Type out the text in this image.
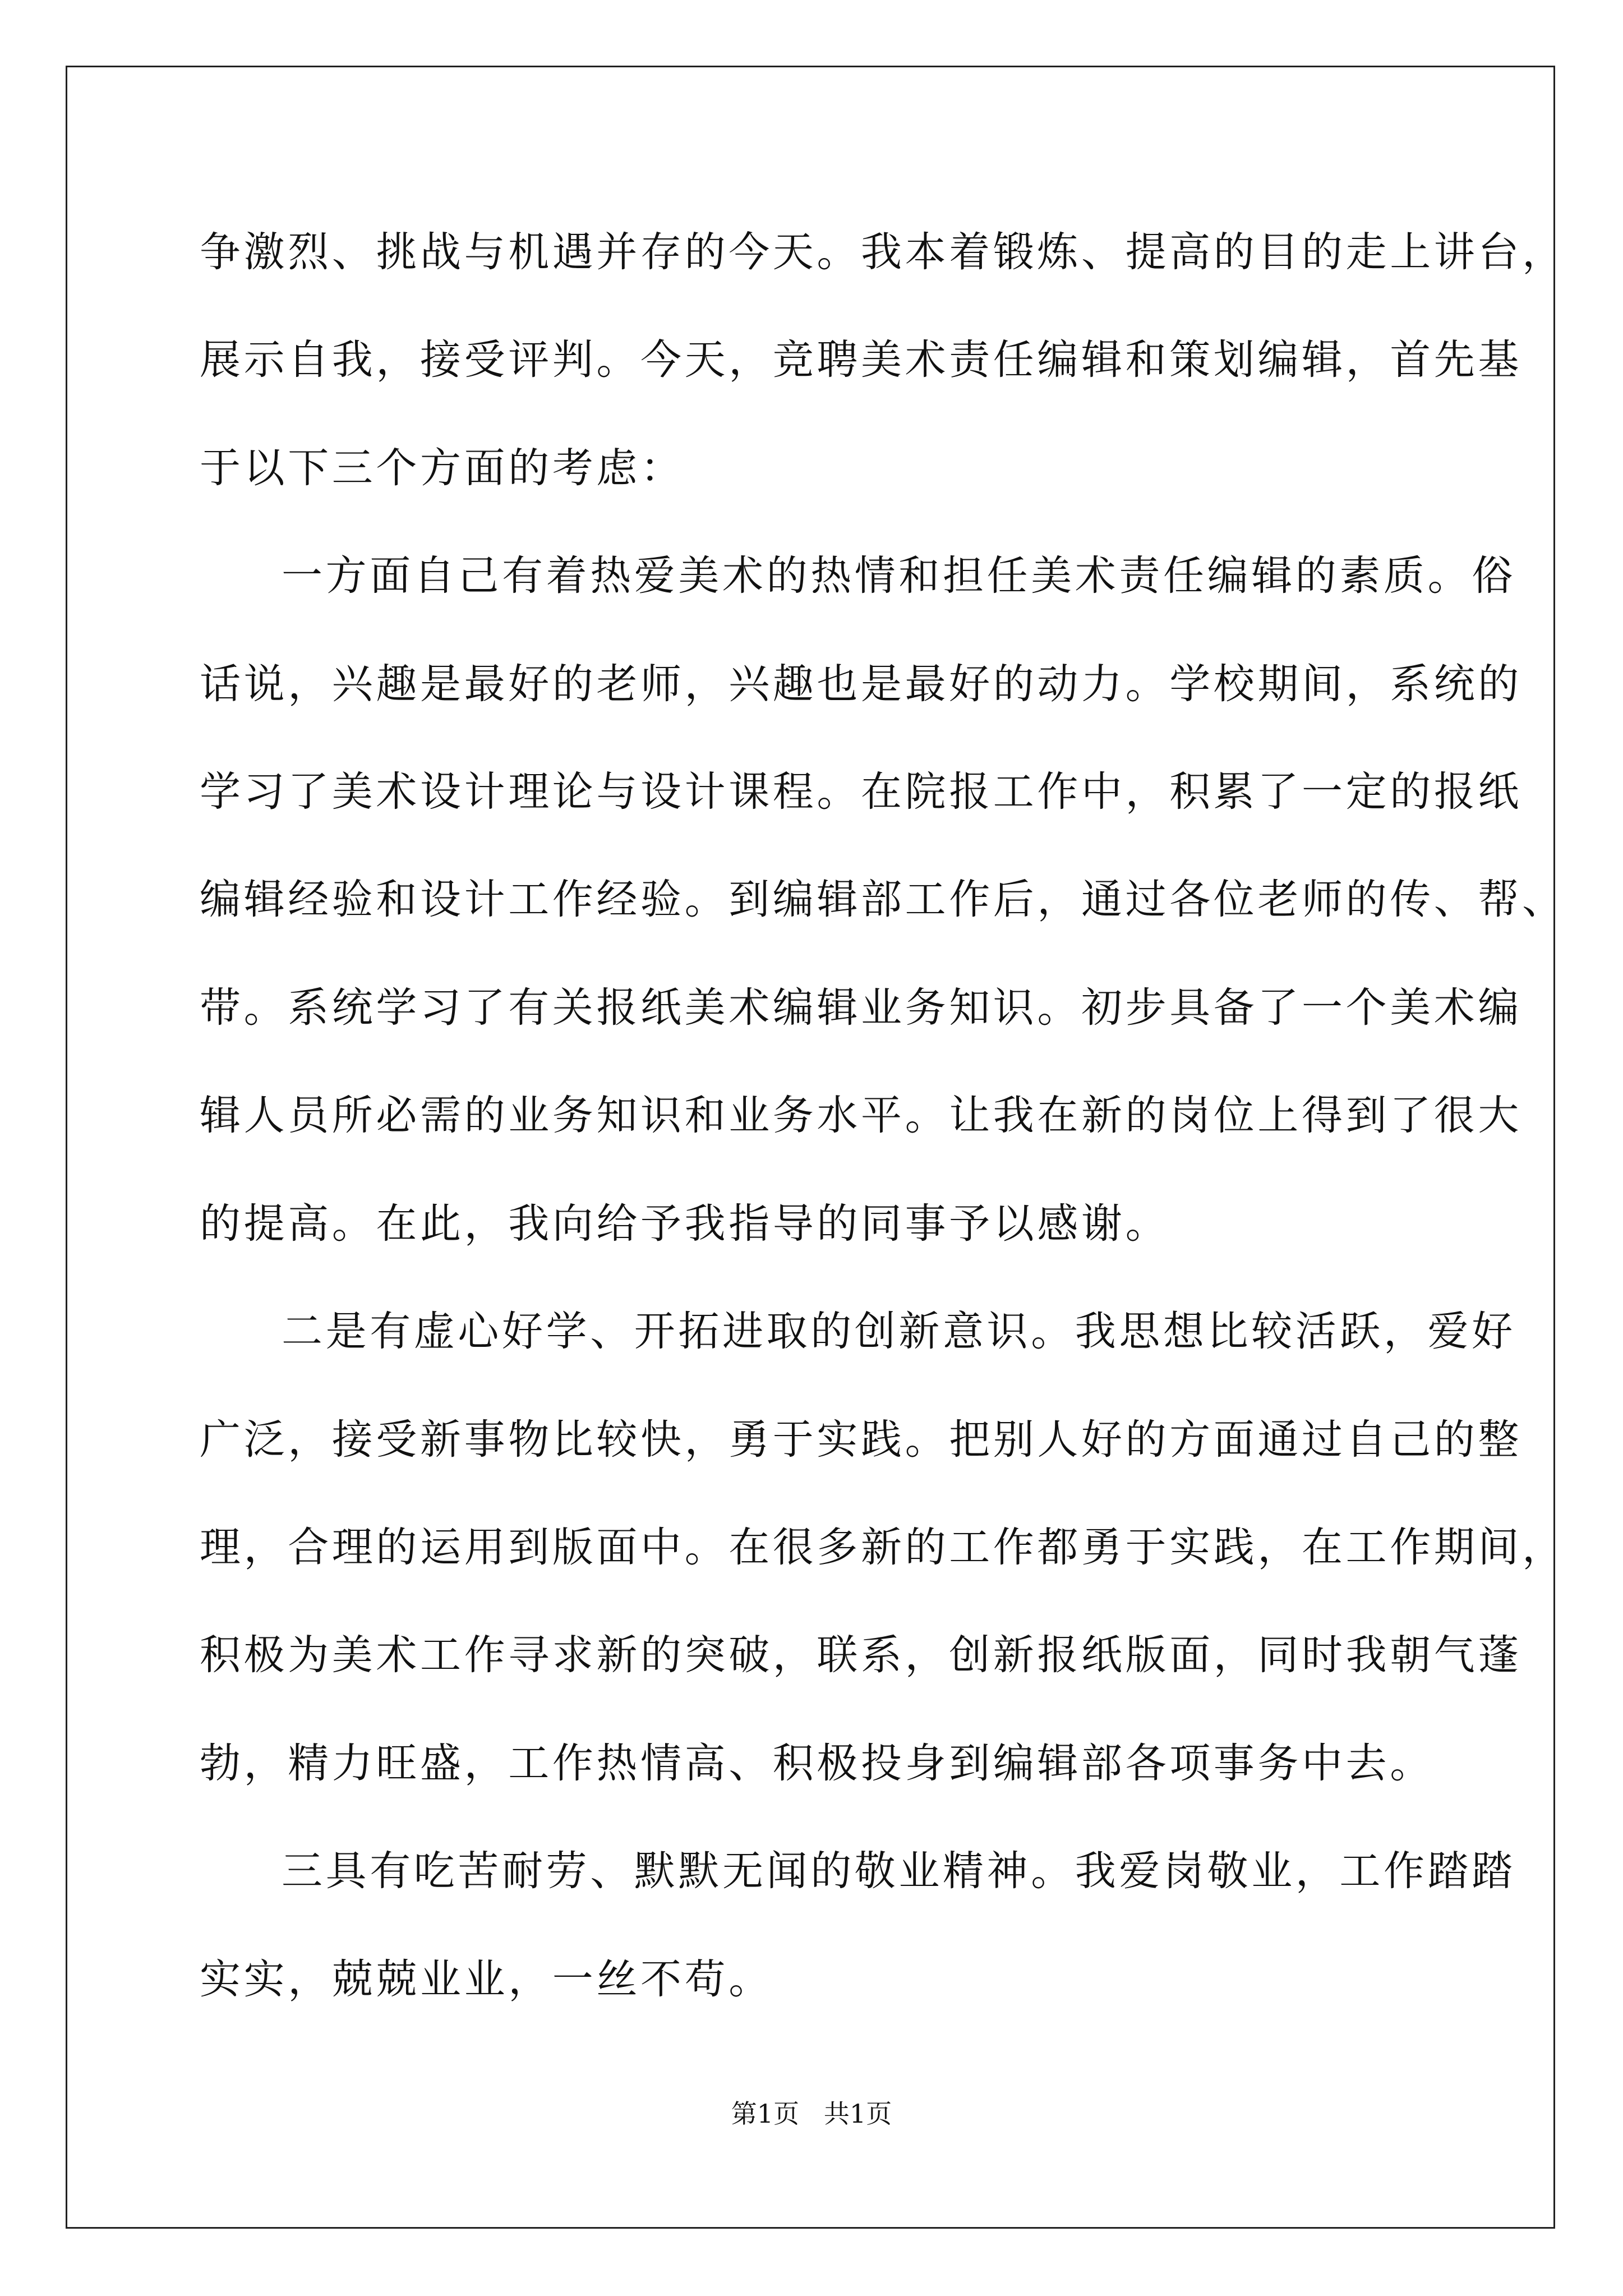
争激烈、挑战与机遇并存的今天。我本着锻炼、提高的目的走上讲台，
展示自我，接受评判。今天，竞聘美术责任编辑和策划编辑，首先基
于以下三个方面的考虑：
一方面自己有着热爱美术的热情和担任美术责任编辑的素质。俗
话说，兴趣是最好的老师，兴趣也是最好的动力。学校期间，系统的
学习了美术设计理论与设计课程。在院报工作中，积累了一定的报纸
编辑经验和设计工作经验。到编辑部工作后，通过各位老师的传、帮、
带。系统学习了有关报纸美术编辑业务知识。初步具备了一个美术编
辑人员所必需的业务知识和业务水平。让我在新的岗位上得到了很大
的提高。在此，我向给予我指导的同事予以感谢。
二是有虚心好学、开拓进取的创新意识。我思想比较活跃，爱好
广泛，接受新事物比较快，勇于实践。把别人好的方面通过自己的整
理，合理的运用到版面中。在很多新的工作都勇于实践，在工作期间，
积极为美术工作寻求新的突破，联系，创新报纸版面，同时我朝气蓬
勃，精力旺盛，工作热情高、积极投身到编辑部各项事务中去。
三具有吃苦耐劳、默默无闻的敬业精神。我爱岗敬业，工作踏踏
实实，兢兢业业，一丝不苟。
第1页   共1页
